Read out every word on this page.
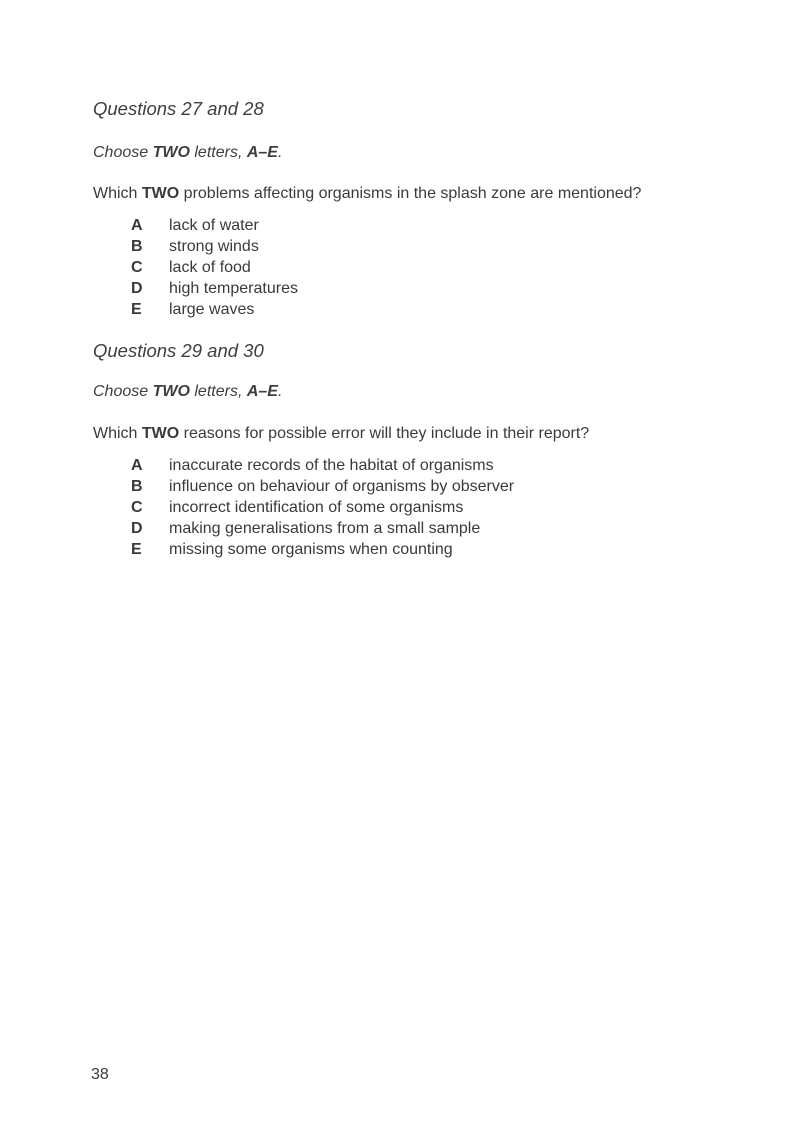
Questions 27 and 28
Choose TWO letters, A–E.
Which TWO problems affecting organisms in the splash zone are mentioned?
A	lack of water
B	strong winds
C	lack of food
D	high temperatures
E	large waves
Questions 29 and 30
Choose TWO letters, A–E.
Which TWO reasons for possible error will they include in their report?
A	inaccurate records of the habitat of organisms
B	influence on behaviour of organisms by observer
C	incorrect identification of some organisms
D	making generalisations from a small sample
E	missing some organisms when counting
38
